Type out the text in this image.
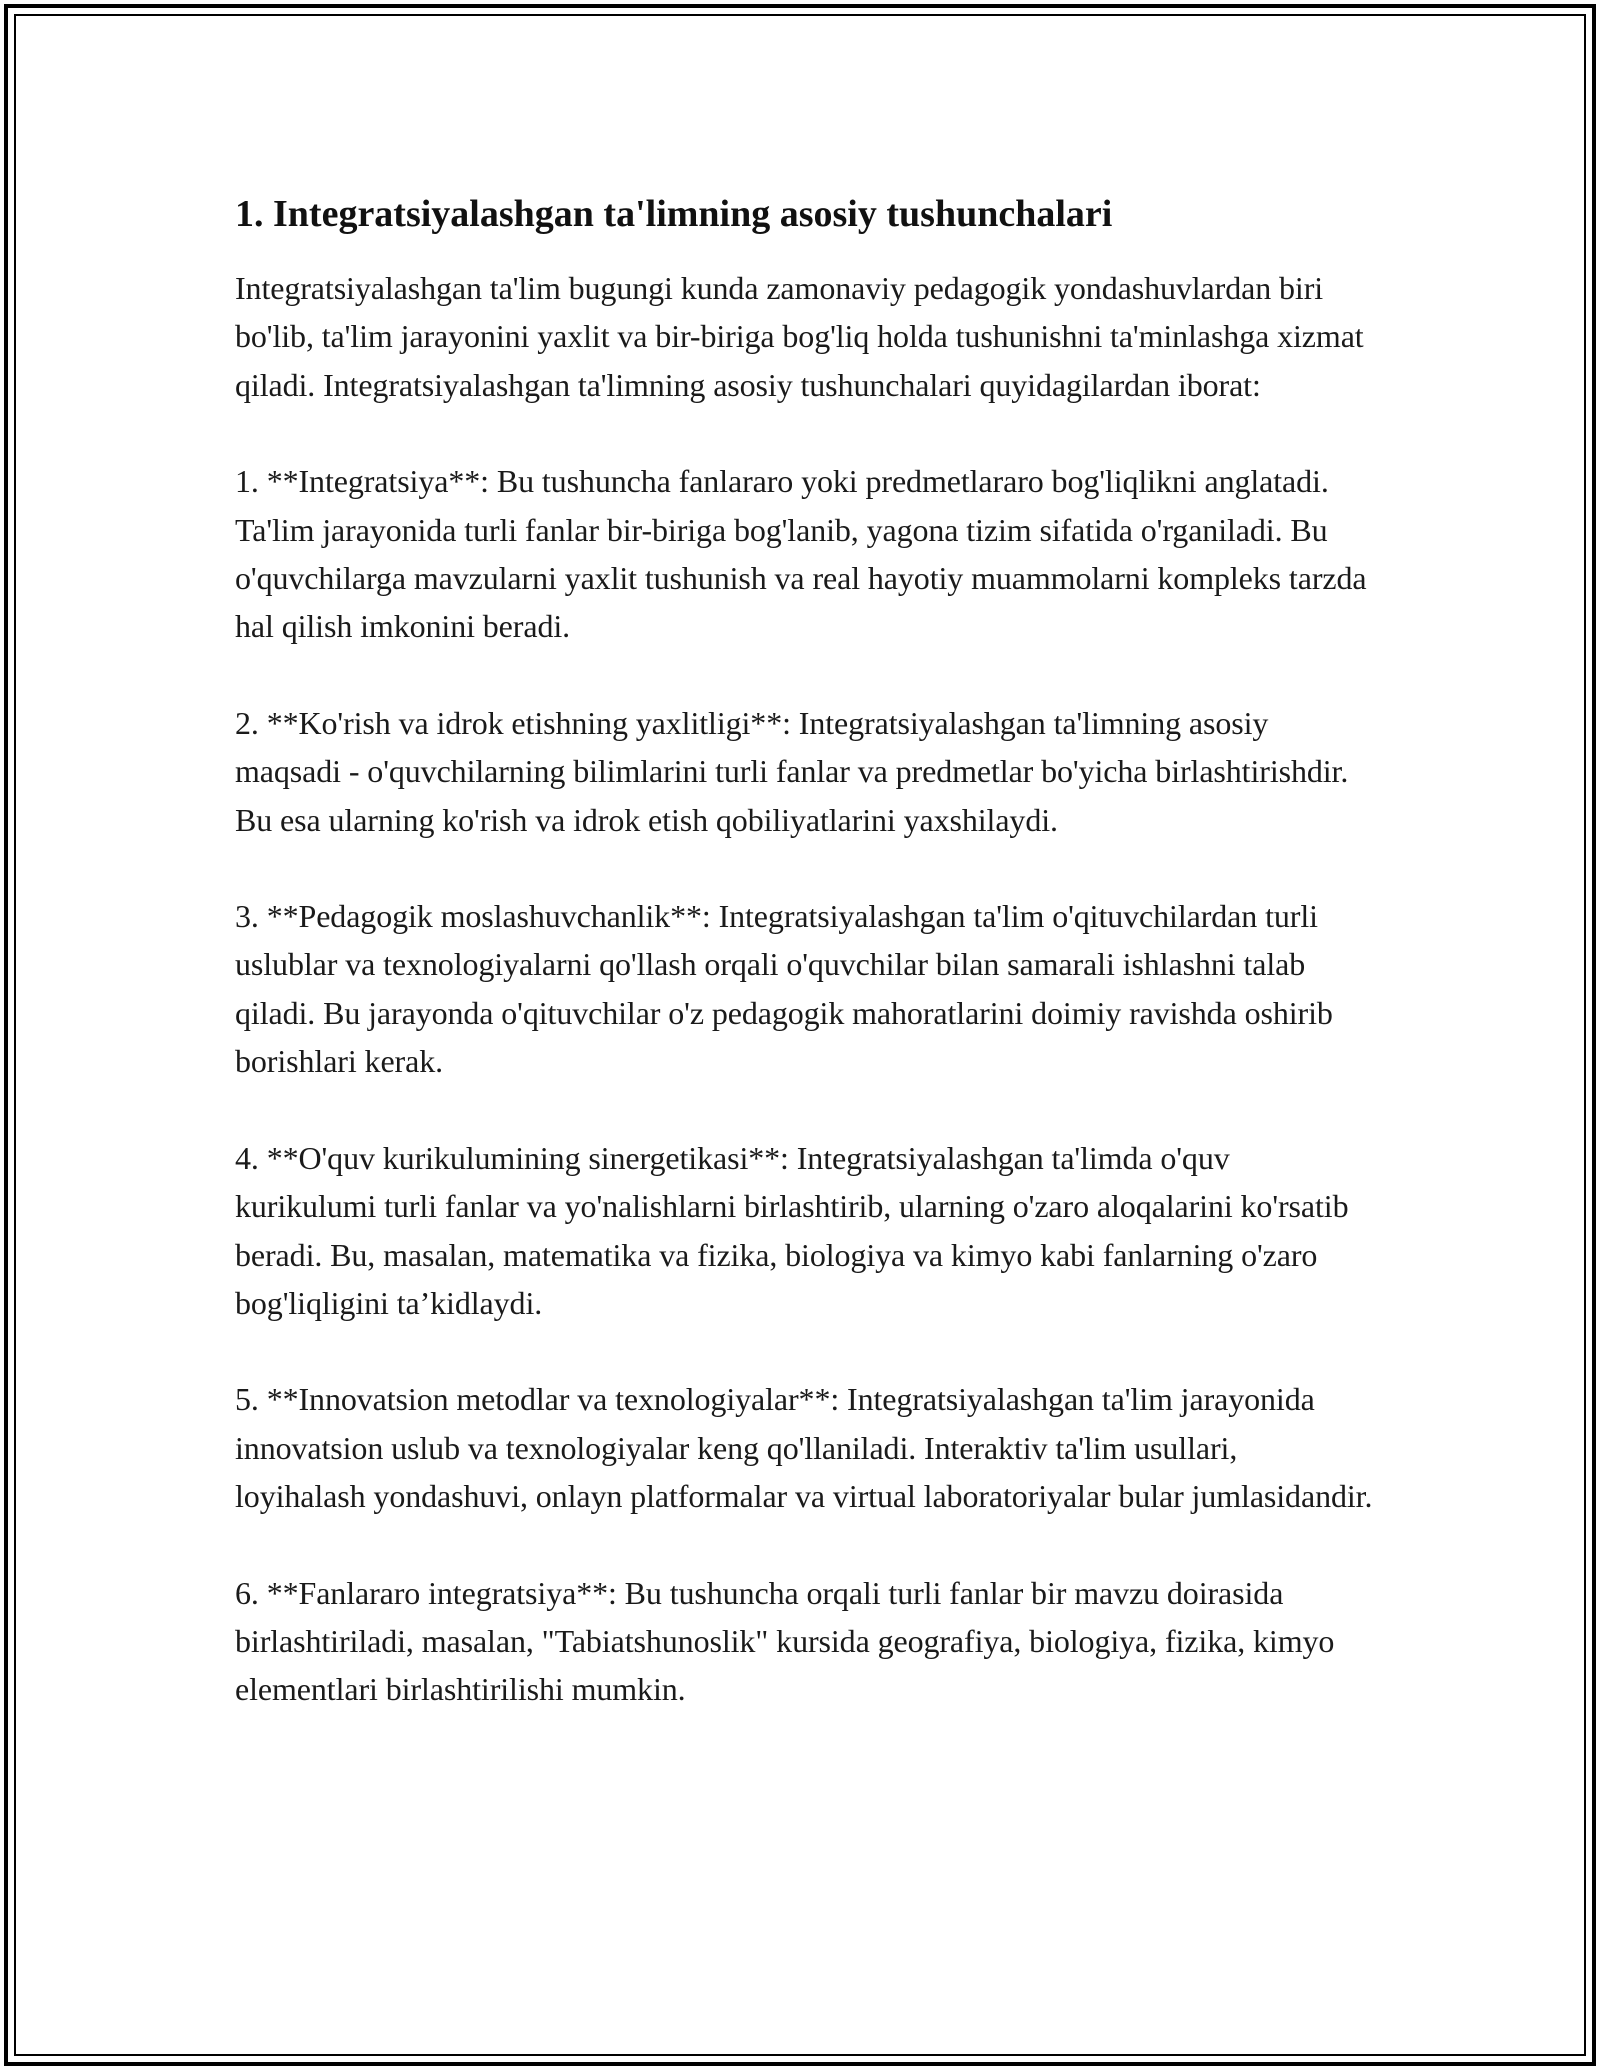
1. Integratsiyalashgan ta'limning asosiy tushunchalari

Integratsiyalashgan ta'lim bugungi kunda zamonaviy pedagogik yondashuvlardan biri bo'lib, ta'lim jarayonini yaxlit va bir-biriga bog'liq holda tushunishni ta'minlashga xizmat qiladi. Integratsiyalashgan ta'limning asosiy tushunchalari quyidagilardan iborat:

1. **Integratsiya**: Bu tushuncha fanlararo yoki predmetlararo bog'liqlikni anglatadi. Ta'lim jarayonida turli fanlar bir-biriga bog'lanib, yagona tizim sifatida o'rganiladi. Bu o'quvchilarga mavzularni yaxlit tushunish va real hayotiy muammolarni kompleks tarzda hal qilish imkonini beradi.

2. **Ko'rish va idrok etishning yaxlitligi**: Integratsiyalashgan ta'limning asosiy maqsadi - o'quvchilarning bilimlarini turli fanlar va predmetlar bo'yicha birlashtirishdir. Bu esa ularning ko'rish va idrok etish qobiliyatlarini yaxshilaydi.

3. **Pedagogik moslashuvchanlik**: Integratsiyalashgan ta'lim o'qituvchilardan turli uslublar va texnologiyalarni qo'llash orqali o'quvchilar bilan samarali ishlashni talab qiladi. Bu jarayonda o'qituvchilar o'z pedagogik mahoratlarini doimiy ravishda oshirib borishlari kerak.

4. **O'quv kurikulumining sinergetikasi**: Integratsiyalashgan ta'limda o'quv kurikulumi turli fanlar va yo'nalishlarni birlashtirib, ularning o'zaro aloqalarini ko'rsatib beradi. Bu, masalan, matematika va fizika, biologiya va kimyo kabi fanlarning o'zaro bog'liqligini ta’kidlaydi.

5. **Innovatsion metodlar va texnologiyalar**: Integratsiyalashgan ta'lim jarayonida innovatsion uslub va texnologiyalar keng qo'llaniladi. Interaktiv ta'lim usullari, loyihalash yondashuvi, onlayn platformalar va virtual laboratoriyalar bular jumlasidandir.

6. **Fanlararo integratsiya**: Bu tushuncha orqali turli fanlar bir mavzu doirasida birlashtiriladi, masalan, "Tabiatshunoslik" kursida geografiya, biologiya, fizika, kimyo elementlari birlashtirilishi mumkin.
